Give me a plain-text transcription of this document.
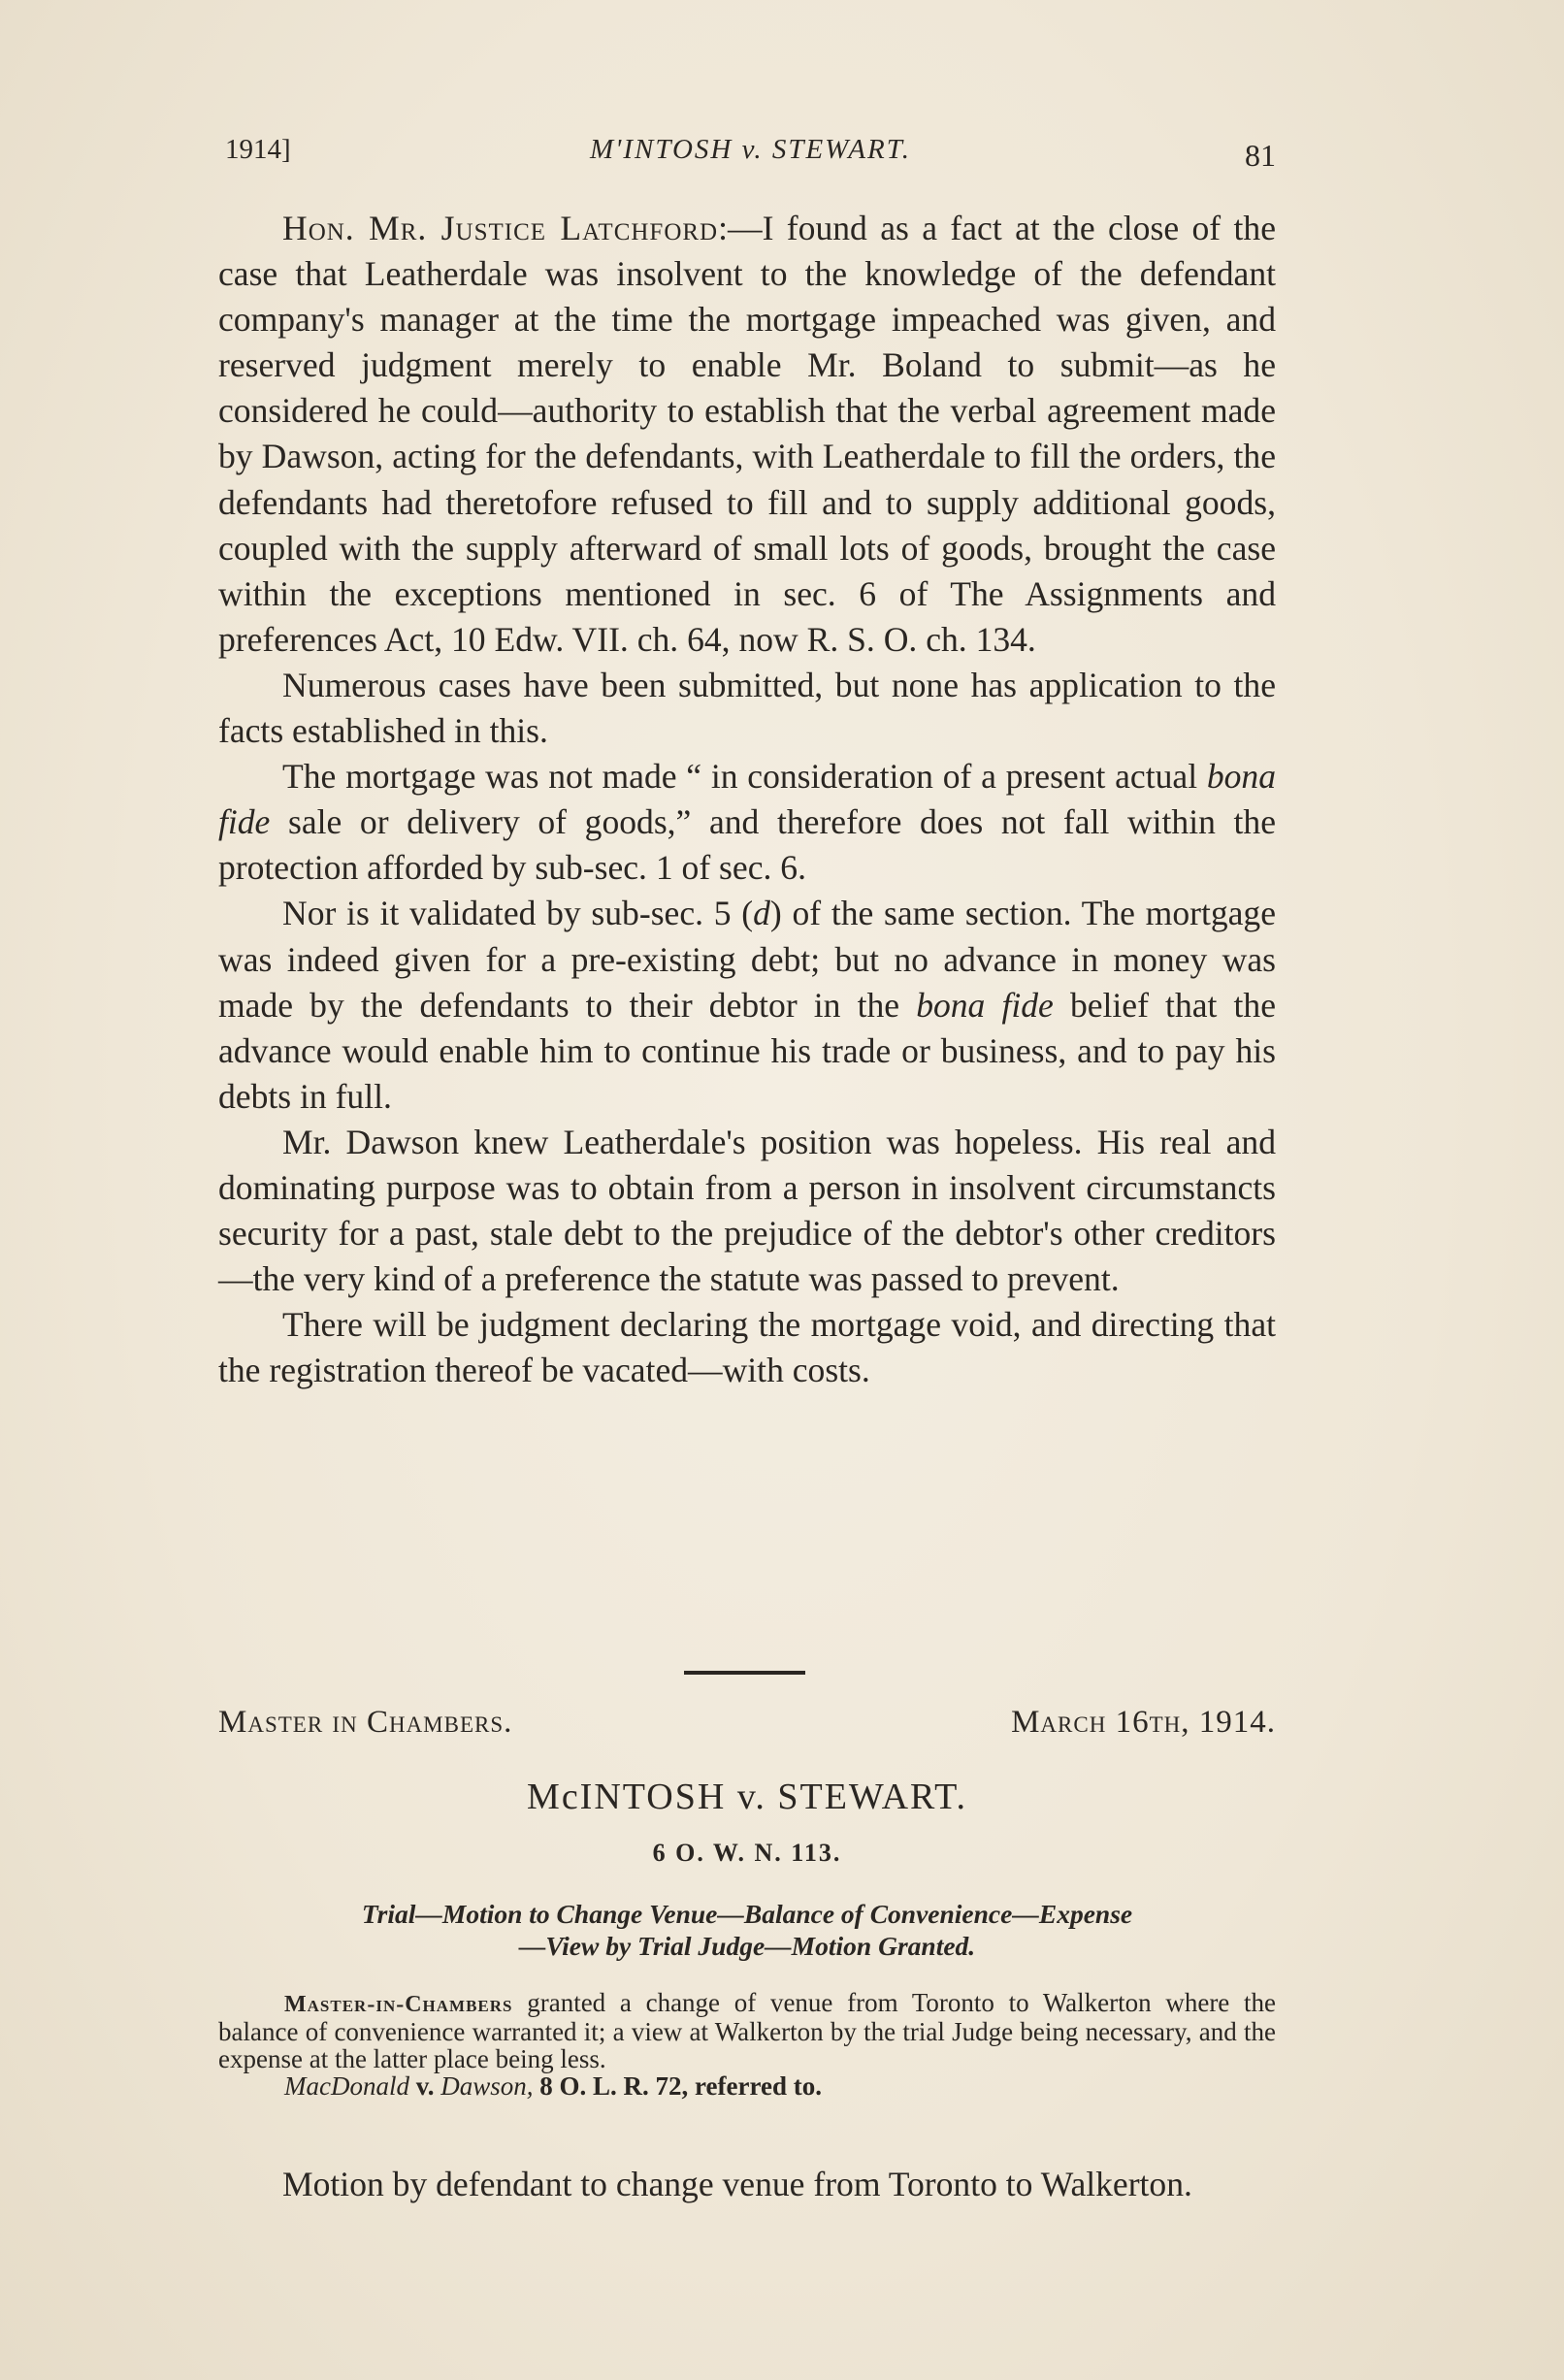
1914]	M'INTOSH v. STEWART.	81

Hon. Mr. Justice Latchford:—I found as a fact at the close of the case that Leatherdale was insolvent to the knowledge of the defendant company's manager at the time the mortgage impeached was given, and reserved judgment merely to enable Mr. Boland to submit—as he considered he could—authority to establish that the verbal agreement made by Dawson, acting for the defendants, with Leatherdale to fill the orders, the defendants had theretofore refused to fill and to supply additional goods, coupled with the supply afterward of small lots of goods, brought the case within the exceptions mentioned in sec. 6 of The Assignments and preferences Act, 10 Edw. VII. ch. 64, now R. S. O. ch. 134.

Numerous cases have been submitted, but none has application to the facts established in this.

The mortgage was not made “ in consideration of a present actual bona fide sale or delivery of goods,” and therefore does not fall within the protection afforded by sub-sec. 1 of sec. 6.

Nor is it validated by sub-sec. 5 (d) of the same section. The mortgage was indeed given for a pre-existing debt; but no advance in money was made by the defendants to their debtor in the bona fide belief that the advance would enable him to continue his trade or business, and to pay his debts in full.

Mr. Dawson knew Leatherdale's position was hopeless. His real and dominating purpose was to obtain from a person in insolvent circumstancts security for a past, stale debt to the prejudice of the debtor's other creditors—the very kind of a preference the statute was passed to prevent.

There will be judgment declaring the mortgage void, and directing that the registration thereof be vacated—with costs.

Master in Chambers.	March 16th, 1914.
McINTOSH v. STEWART.
6 O. W. N. 113.
Trial—Motion to Change Venue—Balance of Convenience—Expense
—View by Trial Judge—Motion Granted.

Master-in-Chambers granted a change of venue from Toronto to Walkerton where the balance of convenience warranted it; a view at Walkerton by the trial Judge being necessary, and the expense at the latter place being less.

MacDonald v. Dawson, 8 O. L. R. 72, referred to.

Motion by defendant to change venue from Toronto to Walkerton.
